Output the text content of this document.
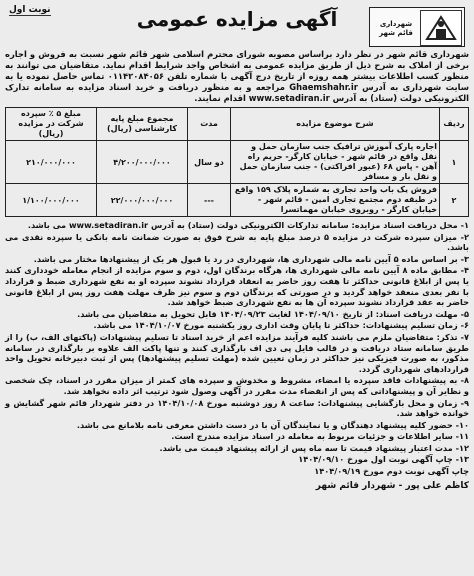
شهرداری قائم شهر
آگهی مزایده عمومی
نوبت اول
شهرداری قائم شهر در نظر دارد براساس مصوبه شورای محترم اسلامی شهر قائم شهر نسبت به فروش و اجاره برخی از املاک به شرح ذیل از طریق مزایده عمومی به اشخاص واجد شرایط اقدام نماید. متقاضیان می توانند به منظور کسب اطلاعات بیشتر همه روزه از تاریخ درج آگهی با شماره تلفن ۰۱۱۴۲۰۸۴۰۵۶ تماس حاصل نموده یا به سایت شهرداری به آدرس Ghaemshahr.ir مراجعه و به منظور دریافت و خرید اسناد مزایده به سامانه تدارک الکترونیکی دولت (ستاد) به آدرس www.setadiran.ir اقدام نمایند.
ردیف	شرح موضوع مزایده	مدت	مجموع مبلغ پایه کارشناسی (ریال)	مبلغ ۵ ٪ سپرده شرکت در مزایده (ریال)
۱	اجاره پارک آموزش ترافیک جنب سازمان حمل و نقل واقع در قائم شهر - خیابان کارگر- حریم راه آهن - پاس ۶۸ (عبور افراکتی) - جنب سازمان حمل و نقل بار و مسافر	دو سال	۴/۲۰۰/۰۰۰/۰۰۰	۲۱۰/۰۰۰/۰۰۰
۲	فروش یک باب واحد تجاری به شماره پلاک ۱۵۹ واقع در طبقه دوم مجتمع تجاری امین - قائم شهر - خیابان کارگر - روبروی خیابان مهماتسرا	---	۲۲/۰۰۰/۰۰۰/۰۰۰	۱/۱۰۰/۰۰۰/۰۰۰

۱- محل دریافت اسناد مزایده: سامانه تدارکات الکترونیکی دولت (ستاد) به آدرس www.setadiran.ir می باشد.

۲- میزان سپرده شرکت در مزایده ۵ درصد مبلغ پایه به شرح فوق به صورت ضمانت نامه بانکی یا سپرده نقدی می باشد.

۳- بر اساس ماده ۵ آیین نامه مالی شهرداری ها، شهرداری در رد یا قبول هر یک از پیشنهادها مختار می باشد.

۴- مطابق ماده ۸ آیین نامه مالی شهرداری ها، هرگاه برندگان اول، دوم و سوم مزایده از انجام معامله خودداری کنند یا پس از ابلاغ قانونی حداکثر تا هفت روز حاضر به انعقاد قرارداد نشوند سپرده او به نفع شهرداری ضبط و قرارداد با نفر بعدی منعقد خواهد گردید و در صورتی که برندگان دوم و سوم نیز ظرف مهلت هفت روز پس از ابلاغ قانونی حاضر به عقد قرارداد نشوند سپرده آن ها به نفع شهرداری ضبط خواهد شد.

۵- مهلت دریافت اسناد: از تاریخ ۱۴۰۴/۰۹/۱۰ لغایت ۱۴۰۴/۰۹/۲۳ قابل تحویل به متقاضیان می باشد.

۶- زمان تسلیم پیشنهادات: حداکثر تا پایان وقت اداری روز یکشنبه مورخ ۱۴۰۴/۱۰/۰۷ می باشد.

۷- تذکر: متقاضیان ملزم می باشند کلیه فرآیند مزایده اعم از خرید اسناد تا تسلیم پیشنهادات (پاکتهای الف، ب) را از طریق سامانه ستاد دریافت و در قالب فایل پی دی اف بارگذاری کنند و تنها پاکت الف علاوه بر بارگذاری در سامانه مذکور، به صورت فیزیکی نیز حداکثر در زمان تعیین شده (مهلت تسلیم پیشنهادها) پس از ثبت دبیرخانه تحویل واحد قراردادهای شهرداری گردد.

۸- به پیشنهادات فاقد سپرده یا امضاء، مشروط و مخدوش و سپرده های کمتر از میزان مقرر در اسناد، چک شخصی و نظایر آن و پیشنهاداتی که پس از انقضاء مدت مقرر در آگهی وصول شود ترتیب اثر داده نخواهد شد.

۹- زمان و محل بازگشایی پیشنهادات: ساعت ۸ روز دوشنبه مورخ ۱۴۰۴/۱۰/۰۸ در دفتر شهردار قائم شهر گشایش و خوانده خواهد شد.

۱۰- حضور کلیه پیشنهاد دهندگان و یا نمایندگان آن با در دست داشتن معرفی نامه بلامانع می باشد.

۱۱- سایر اطلاعات و جزئیات مربوط به معامله در اسناد مزایده مندرج است.

۱۲- مدت اعتبار پیشنهاد قیمت تا سه ماه پس از ارائه پیشنهاد قیمت می باشد.

۱۳- چاپ آگهی نوبت اول مورخ ۱۴۰۴/۰۹/۱۰

چاپ آگهی نوبت دوم مورخ ۱۴۰۴/۰۹/۱۹

کاظم علی پور - شهردار قائم شهر
